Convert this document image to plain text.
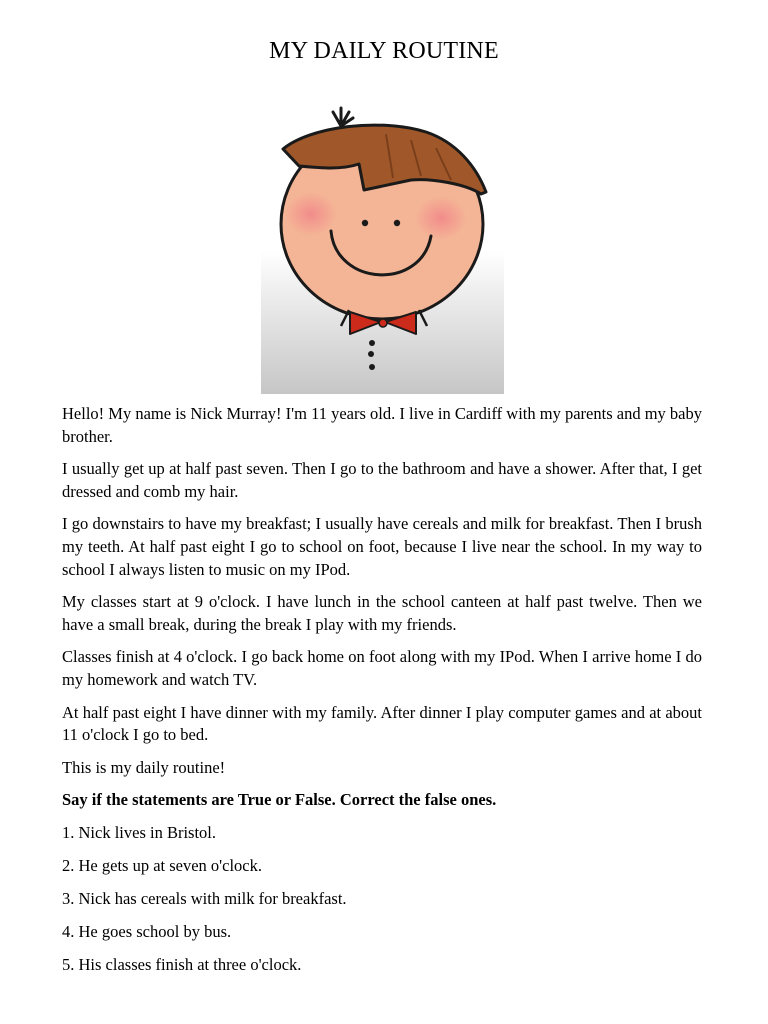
MY DAILY ROUTINE

Hello! My name is Nick Murray! I'm 11 years old. I live in Cardiff with my parents and my baby brother.

I usually get up at half past seven. Then I go to the bathroom and have a shower. After that, I get dressed and comb my hair.

I go downstairs to have my breakfast; I usually have cereals and milk for breakfast. Then I brush my teeth. At half past eight I go to school on foot, because I live near the school. In my way to school I always listen to music on my IPod.

My classes start at 9 o'clock. I have lunch in the school canteen at half past twelve. Then we have a small break, during the break I play with my friends.

Classes finish at 4 o'clock. I go back home on foot along with my IPod. When I arrive home I do my homework and watch TV.

At half past eight I have dinner with my family. After dinner I play computer games and at about 11 o'clock I go to bed.

This is my daily routine!

Say if the statements are True or False. Correct the false ones.

1. Nick lives in Bristol.

2. He gets up at seven o'clock.

3. Nick has cereals with milk for breakfast.

4. He goes school by bus.

5. His classes finish at three o'clock.
